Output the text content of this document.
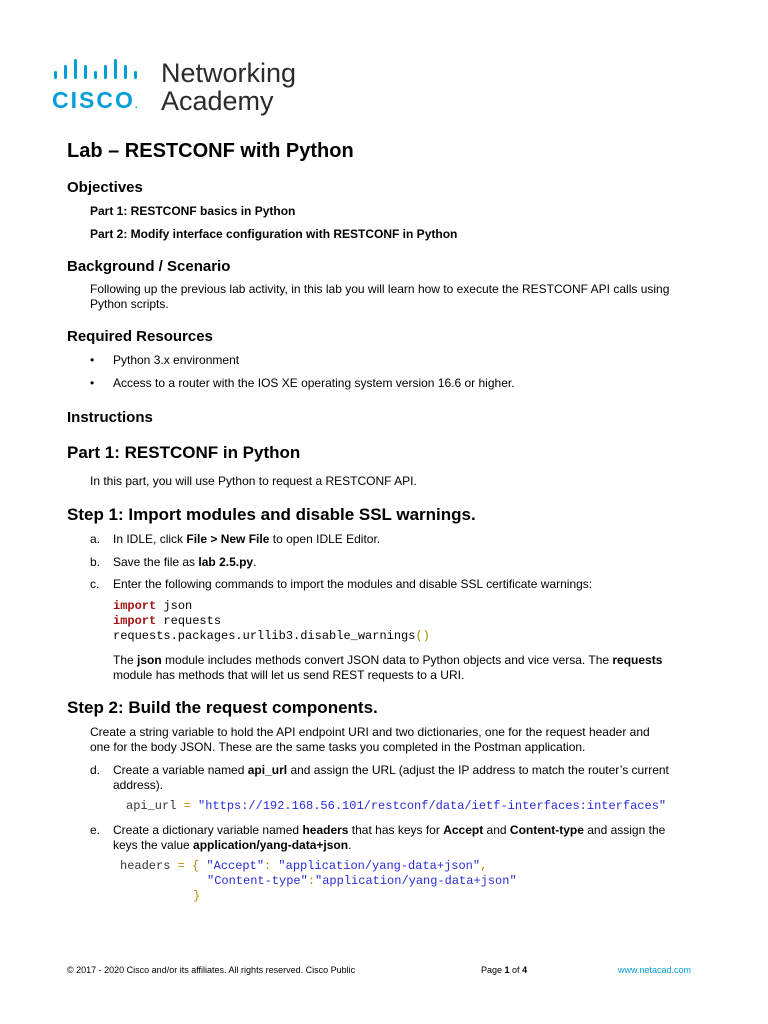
CISCO.
Networking
Academy
Lab – RESTCONF with Python
Objectives
Part 1: RESTCONF basics in Python
Part 2: Modify interface configuration with RESTCONF in Python
Background / Scenario
Following up the previous lab activity, in this lab you will learn how to execute the RESTCONF API calls using
Python scripts.
Required Resources
• Python 3.x environment
• Access to a router with the IOS XE operating system version 16.6 or higher.
Instructions
Part 1: RESTCONF in Python
In this part, you will use Python to request a RESTCONF API.
Step 1: Import modules and disable SSL warnings.
a. In IDLE, click File > New File to open IDLE Editor.
b. Save the file as lab 2.5.py.
c. Enter the following commands to import the modules and disable SSL certificate warnings:
import json
import requests
requests.packages.urllib3.disable_warnings()
The json module includes methods convert JSON data to Python objects and vice versa. The requests
module has methods that will let us send REST requests to a URI.
Step 2: Build the request components.
Create a string variable to hold the API endpoint URI and two dictionaries, one for the request header and
one for the body JSON. These are the same tasks you completed in the Postman application.
d. Create a variable named api_url and assign the URL (adjust the IP address to match the router’s current
address).
api_url = "https://192.168.56.101/restconf/data/ietf-interfaces:interfaces"
e. Create a dictionary variable named headers that has keys for Accept and Content-type and assign the
keys the value application/yang-data+json.
headers = { "Accept": "application/yang-data+json",
"Content-type":"application/yang-data+json"
}
© 2017 - 2020 Cisco and/or its affiliates. All rights reserved. Cisco Public	Page 1 of 4	www.netacad.com
